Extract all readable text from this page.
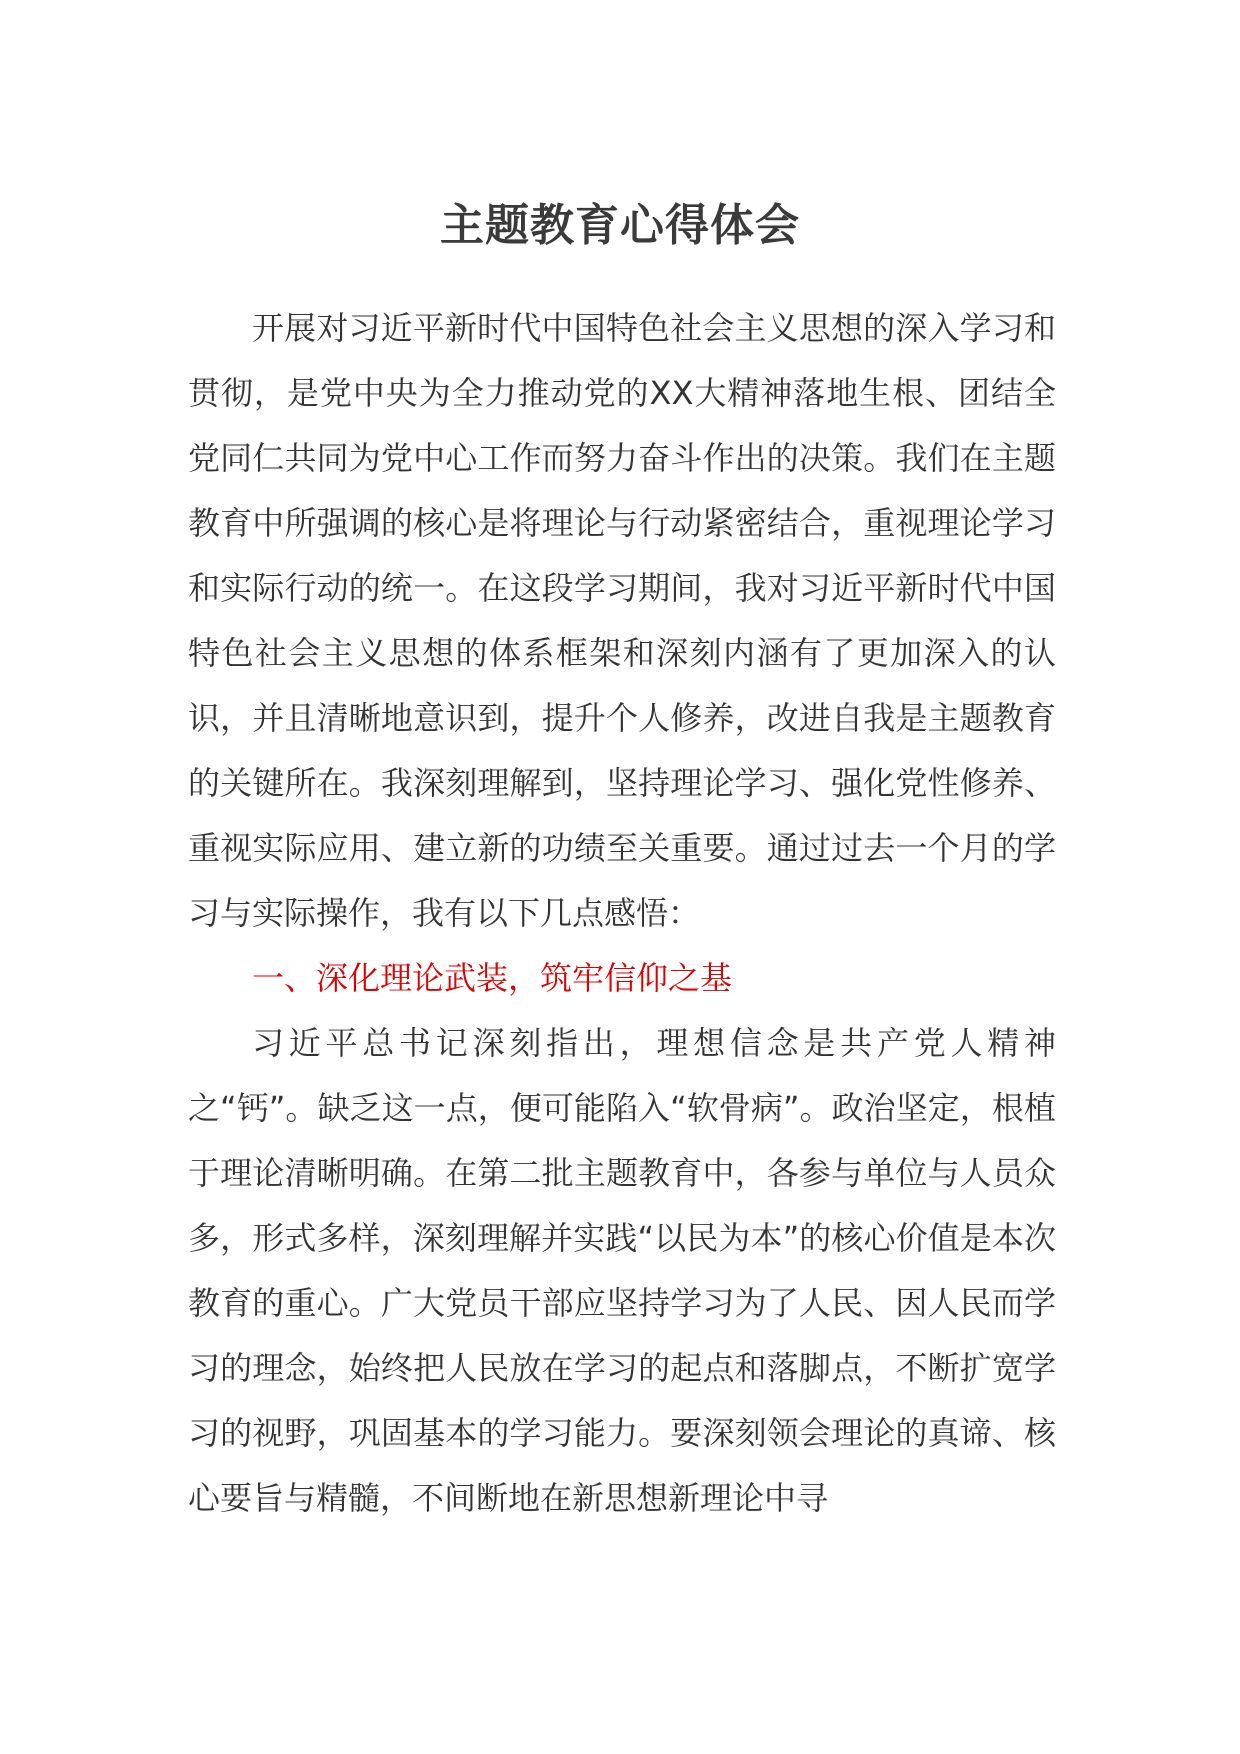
主题教育心得体会

开展对习近平新时代中国特色社会主义思想的深入学习和贯彻，是党中央为全力推动党的XX大精神落地生根、团结全党同仁共同为党中心工作而努力奋斗作出的决策。我们在主题教育中所强调的核心是将理论与行动紧密结合，重视理论学习和实际行动的统一。在这段学习期间，我对习近平新时代中国特色社会主义思想的体系框架和深刻内涵有了更加深入的认识，并且清晰地意识到，提升个人修养，改进自我是主题教育的关键所在。我深刻理解到，坚持理论学习、强化党性修养、重视实际应用、建立新的功绩至关重要。通过过去一个月的学习与实际操作，我有以下几点感悟：

一、深化理论武装，筑牢信仰之基

习近平总书记深刻指出，理想信念是共产党人精神之“钙”。缺乏这一点，便可能陷入“软骨病”。政治坚定，根植于理论清晰明确。在第二批主题教育中，各参与单位与人员众多，形式多样，深刻理解并实践“以民为本”的核心价值是本次教育的重心。广大党员干部应坚持学习为了人民、因人民而学习的理念，始终把人民放在学习的起点和落脚点，不断扩宽学习的视野，巩固基本的学习能力。要深刻领会理论的真谛、核心要旨与精髓，不间断地在新思想新理论中寻
